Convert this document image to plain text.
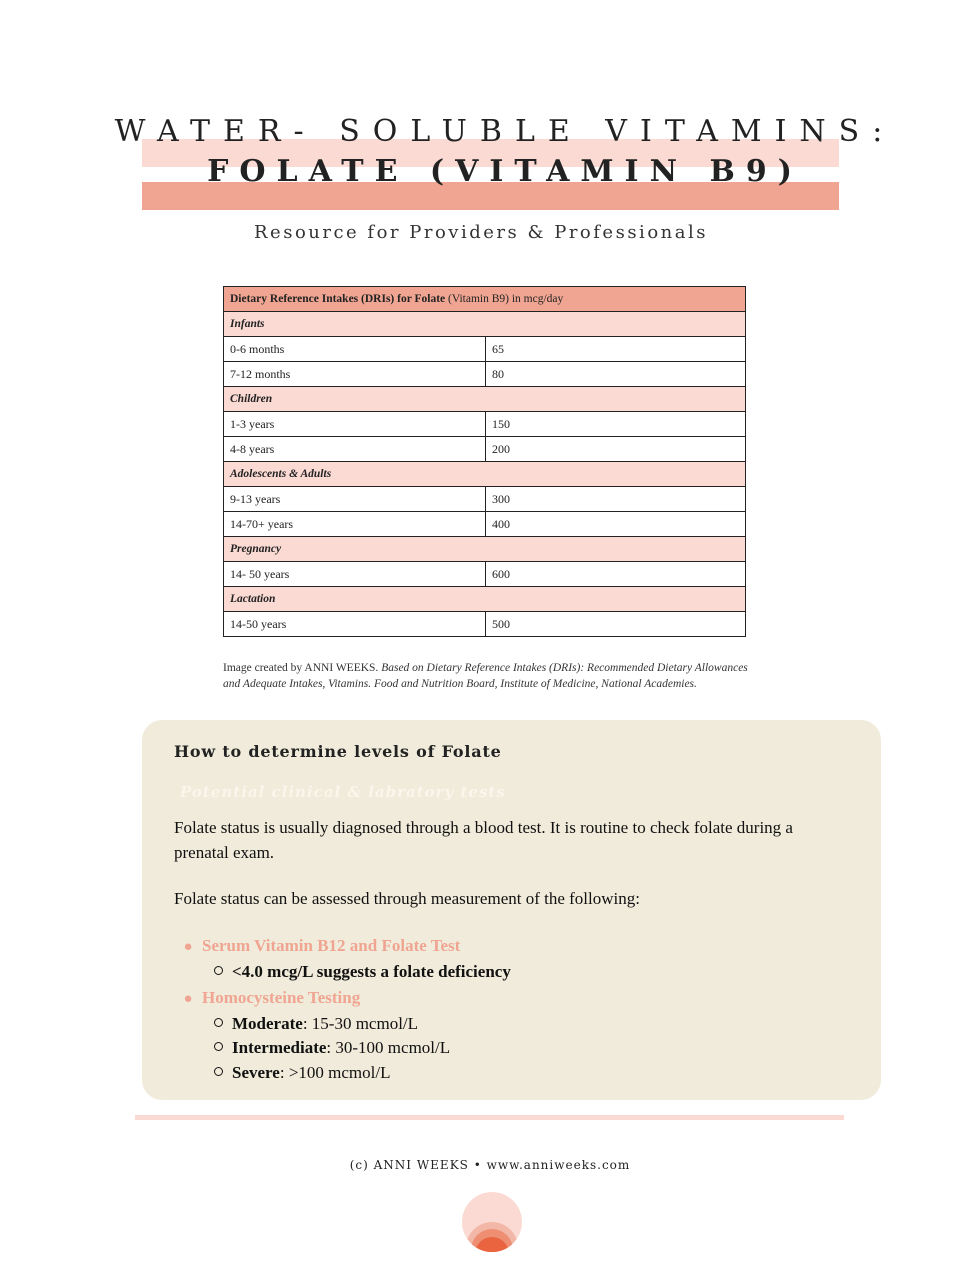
WATER- SOLUBLE VITAMINS:
FOLATE (VITAMIN B9)
Resource for Providers & Professionals
Dietary Reference Intakes (DRIs) for Folate (Vitamin B9) in mcg/day	
Infants	
0-6 months	65
7-12 months	80
Children	
1-3 years	150
4-8 years	200
Adolescents & Adults	
9-13 years	300
14-70+ years	400
Pregnancy	
14- 50 years	600
Lactation	
14-50 years	500
Image created by ANNI WEEKS. Based on Dietary Reference Intakes (DRIs): Recommended Dietary Allowances and Adequate Intakes, Vitamins. Food and Nutrition Board, Institute of Medicine, National Academies.
How to determine levels of Folate
Potential clinical & labratory tests
Folate status is usually diagnosed through a blood test. It is routine to check folate during a prenatal exam.
Folate status can be assessed through measurement of the following:
● Serum Vitamin B12 and Folate Test
<4.0 mcg/L suggests a folate deficiency
● Homocysteine Testing
Moderate: 15-30 mcmol/L
Intermediate: 30-100 mcmol/L
Severe: >100 mcmol/L
(c) ANNI WEEKS • www.anniweeks.com
